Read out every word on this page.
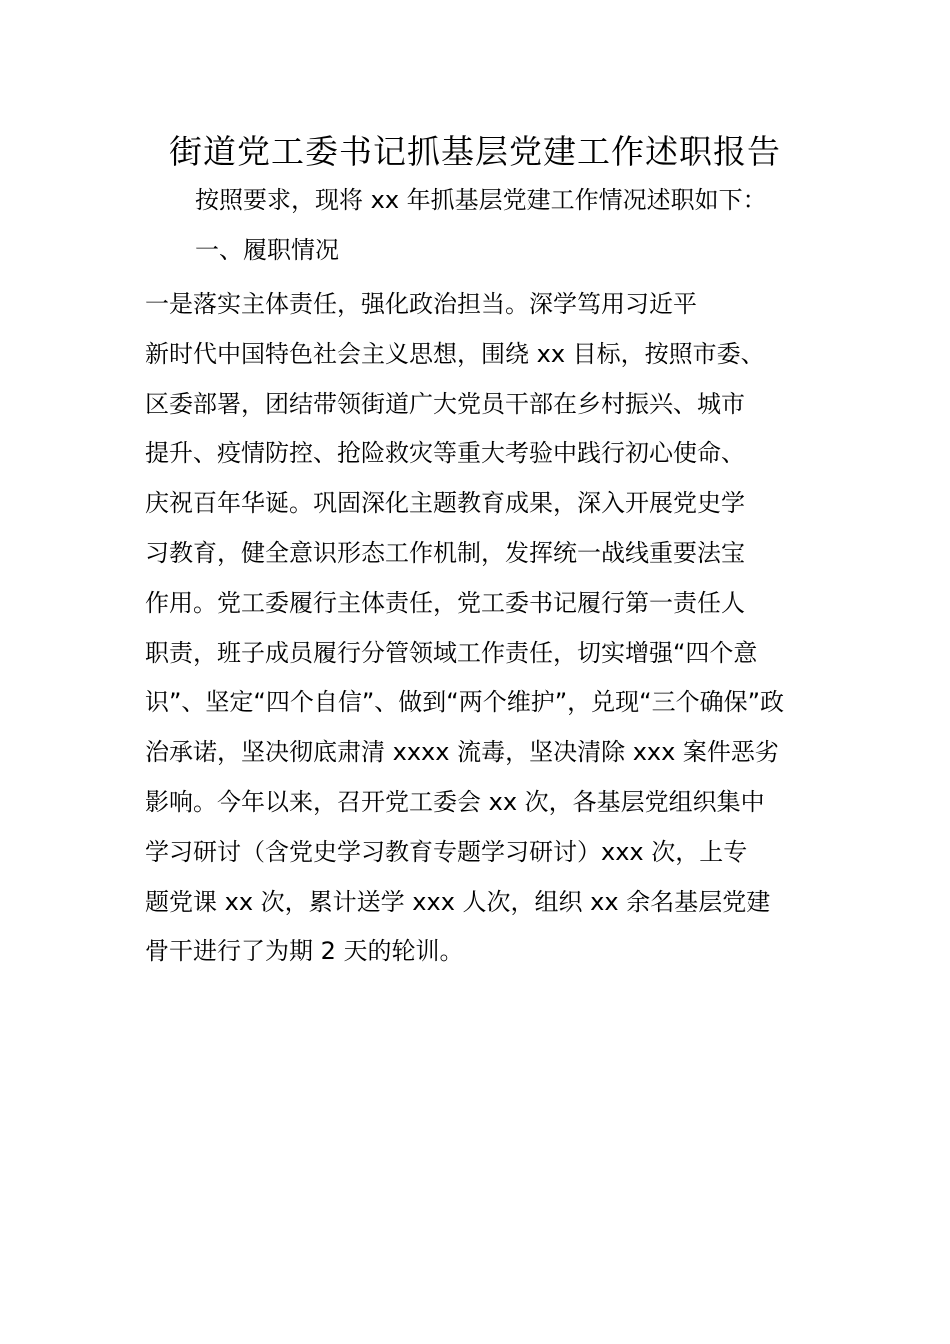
街道党工委书记抓基层党建工作述职报告

按照要求，现将 xx 年抓基层党建工作情况述职如下：

一、履职情况

一是落实主体责任，强化政治担当。深学笃用习近平
新时代中国特色社会主义思想，围绕 xx 目标，按照市委、
区委部署，团结带领街道广大党员干部在乡村振兴、城市
提升、疫情防控、抢险救灾等重大考验中践行初心使命、
庆祝百年华诞。巩固深化主题教育成果，深入开展党史学
习教育，健全意识形态工作机制，发挥统一战线重要法宝
作用。党工委履行主体责任，党工委书记履行第一责任人
职责，班子成员履行分管领域工作责任，切实增强“四个意
识”、坚定“四个自信”、做到“两个维护”，兑现“三个确保”政
治承诺，坚决彻底肃清 xxxx 流毒，坚决清除 xxx 案件恶劣
影响。今年以来，召开党工委会 xx 次，各基层党组织集中
学习研讨（含党史学习教育专题学习研讨）xxx 次，上专
题党课 xx 次，累计送学 xxx 人次，组织 xx 余名基层党建
骨干进行了为期 2 天的轮训。
